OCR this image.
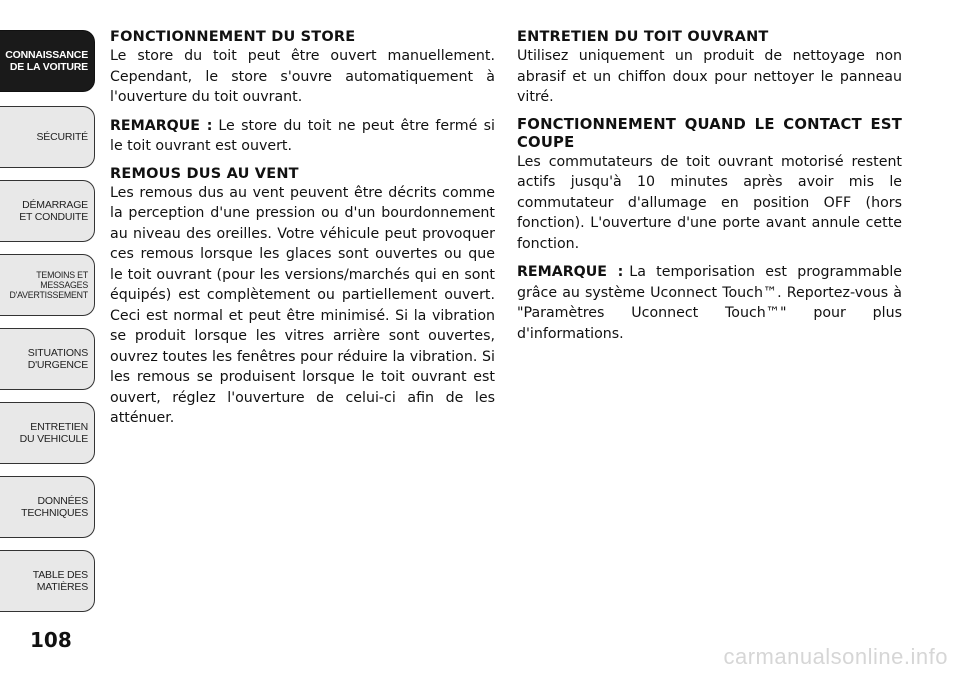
CONNAISSANCE
DE LA VOITURE
SÉCURITÉ
DÉMARRAGE
ET CONDUITE
TEMOINS ET
MESSAGES
D'AVERTISSEMENT
SITUATIONS
D'URGENCE
ENTRETIEN
DU VEHICULE
DONNÉES
TECHNIQUES
TABLE DES
MATIÈRES
108
FONCTIONNEMENT DU STORE

Le store du toit peut être ouvert manuellement. Cependant, le store s'ouvre automatiquement à l'ouverture du toit ouvrant.

REMARQUE : Le store du toit ne peut être fermé si le toit ouvrant est ouvert.

REMOUS DUS AU VENT

Les remous dus au vent peuvent être décrits comme la perception d'une pression ou d'un bourdonnement au niveau des oreilles. Votre véhicule peut provoquer ces remous lorsque les glaces sont ouvertes ou que le toit ouvrant (pour les versions/marchés qui en sont équipés) est complètement ou partiellement ouvert. Ceci est normal et peut être minimisé. Si la vibration se produit lorsque les vitres arrière sont ouvertes, ouvrez toutes les fenêtres pour réduire la vibration. Si les remous se produisent lorsque le toit ouvrant est ouvert, réglez l'ouverture de celui-ci afin de les atténuer.

ENTRETIEN DU TOIT OUVRANT

Utilisez uniquement un produit de nettoyage non abrasif et un chiffon doux pour nettoyer le panneau vitré.

FONCTIONNEMENT QUAND LE CONTACT EST COUPE

Les commutateurs de toit ouvrant motorisé restent actifs jusqu'à 10 minutes après avoir mis le commutateur d'allumage en position OFF (hors fonction). L'ouverture d'une porte avant annule cette fonction.

REMARQUE : La temporisation est programmable grâce au système Uconnect Touch™. Reportez-vous à "Paramètres Uconnect Touch™" pour plus d'informations.

carmanualsonline.info
